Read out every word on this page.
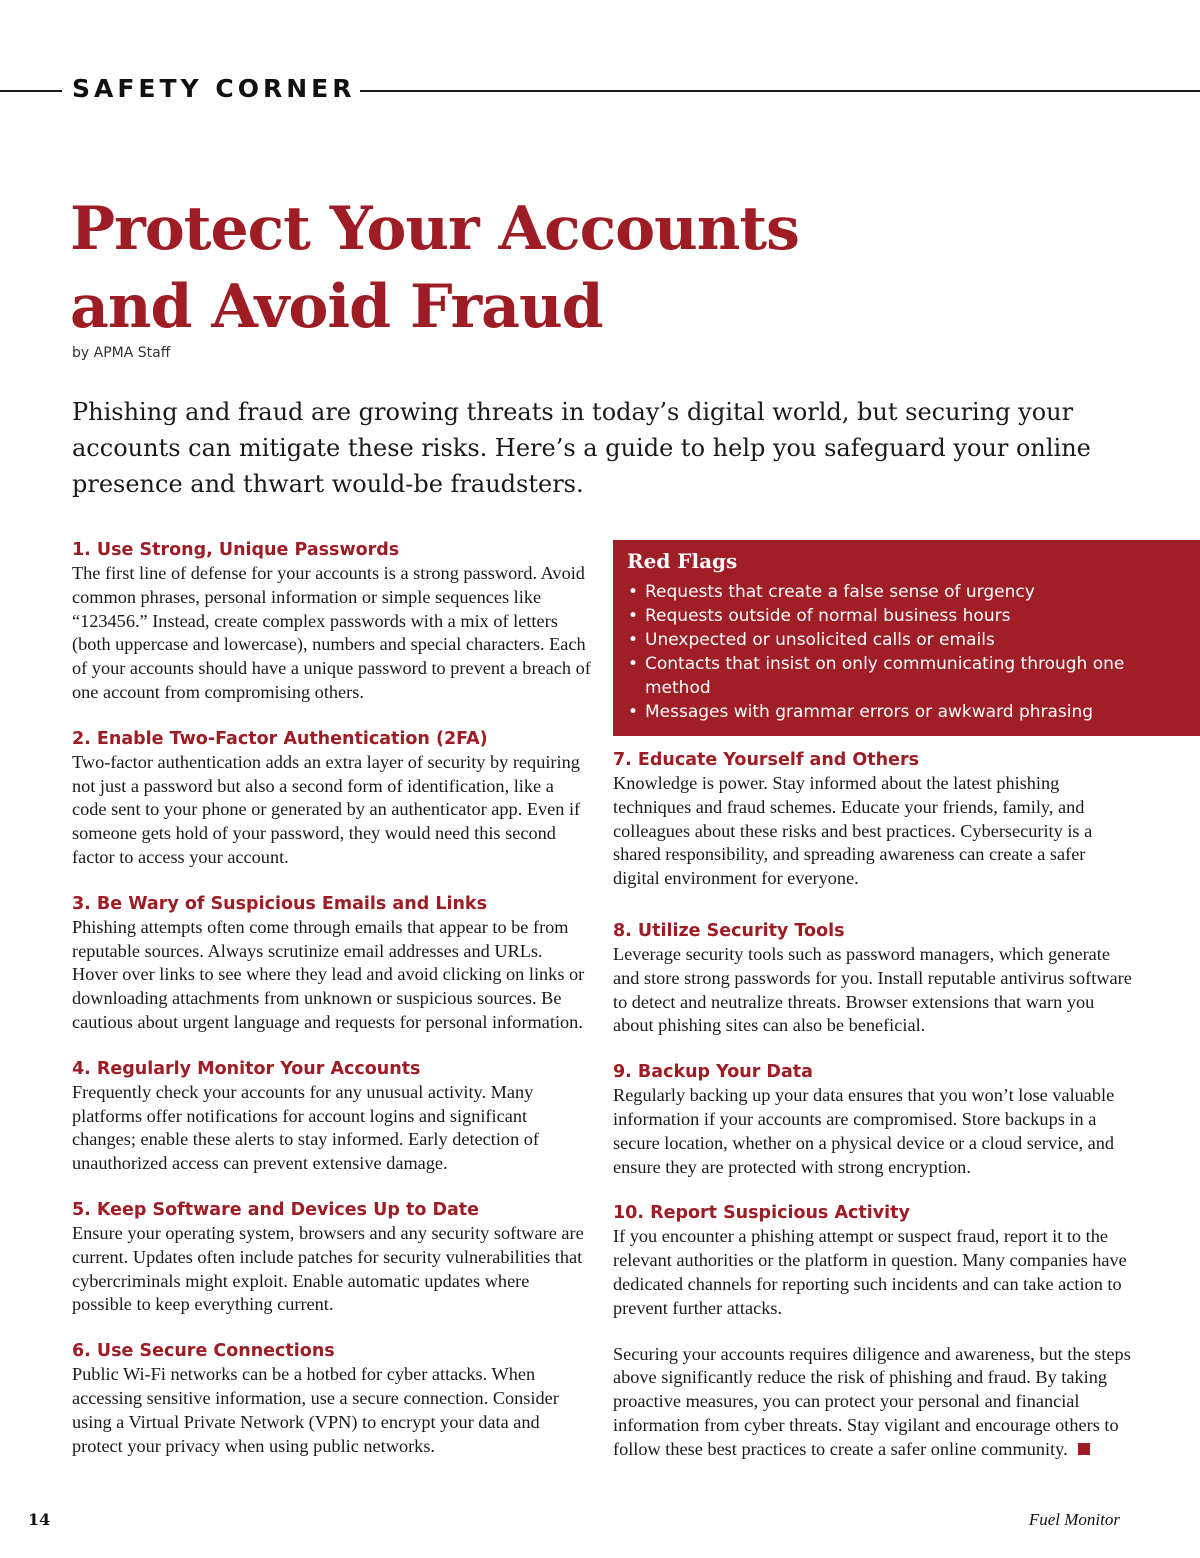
SAFETY CORNER
Protect Your Accounts
and Avoid Fraud
by APMA Staff

Phishing and fraud are growing threats in today’s digital world, but securing your accounts can mitigate these risks. Here’s a guide to help you safeguard your online presence and thwart would-be fraudsters.

1. Use Strong, Unique Passwords

The first line of defense for your accounts is a strong password. Avoid common phrases, personal information or simple sequences like “123456.” Instead, create complex passwords with a mix of letters (both uppercase and lowercase), numbers and special characters. Each of your accounts should have a unique password to prevent a breach of one account from compromising others.

2. Enable Two-Factor Authentication (2FA)

Two-factor authentication adds an extra layer of security by requiring not just a password but also a second form of identification, like a code sent to your phone or generated by an authenticator app. Even if someone gets hold of your password, they would need this second factor to access your account.

3. Be Wary of Suspicious Emails and Links

Phishing attempts often come through emails that appear to be from reputable sources. Always scrutinize email addresses and URLs. Hover over links to see where they lead and avoid clicking on links or downloading attachments from unknown or suspicious sources. Be cautious about urgent language and requests for personal information.

4. Regularly Monitor Your Accounts

Frequently check your accounts for any unusual activity. Many platforms offer notifications for account logins and significant changes; enable these alerts to stay informed. Early detection of unauthorized access can prevent extensive damage.

5. Keep Software and Devices Up to Date

Ensure your operating system, browsers and any security software are current. Updates often include patches for security vulnerabilities that cybercriminals might exploit. Enable automatic updates where possible to keep everything current.

6. Use Secure Connections

Public Wi-Fi networks can be a hotbed for cyber attacks. When accessing sensitive information, use a secure connection. Consider using a Virtual Private Network (VPN) to encrypt your data and protect your privacy when using public networks.

Red Flags
• Requests that create a false sense of urgency
• Requests outside of normal business hours
• Unexpected or unsolicited calls or emails
• Contacts that insist on only communicating through one method
• Messages with grammar errors or awkward phrasing
7. Educate Yourself and Others

Knowledge is power. Stay informed about the latest phishing techniques and fraud schemes. Educate your friends, family, and colleagues about these risks and best practices. Cybersecurity is a shared responsibility, and spreading awareness can create a safer digital environment for everyone.

8. Utilize Security Tools

Leverage security tools such as password managers, which generate and store strong passwords for you. Install reputable antivirus software to detect and neutralize threats. Browser extensions that warn you about phishing sites can also be beneficial.

9. Backup Your Data

Regularly backing up your data ensures that you won’t lose valuable information if your accounts are compromised. Store backups in a secure location, whether on a physical device or a cloud service, and ensure they are protected with strong encryption.

10. Report Suspicious Activity

If you encounter a phishing attempt or suspect fraud, report it to the relevant authorities or the platform in question. Many companies have dedicated channels for reporting such incidents and can take action to prevent further attacks.

Securing your accounts requires diligence and awareness, but the steps above significantly reduce the risk of phishing and fraud. By taking proactive measures, you can protect your personal and financial information from cyber threats. Stay vigilant and encourage others to follow these best practices to create a safer online community.

14	Fuel Monitor
